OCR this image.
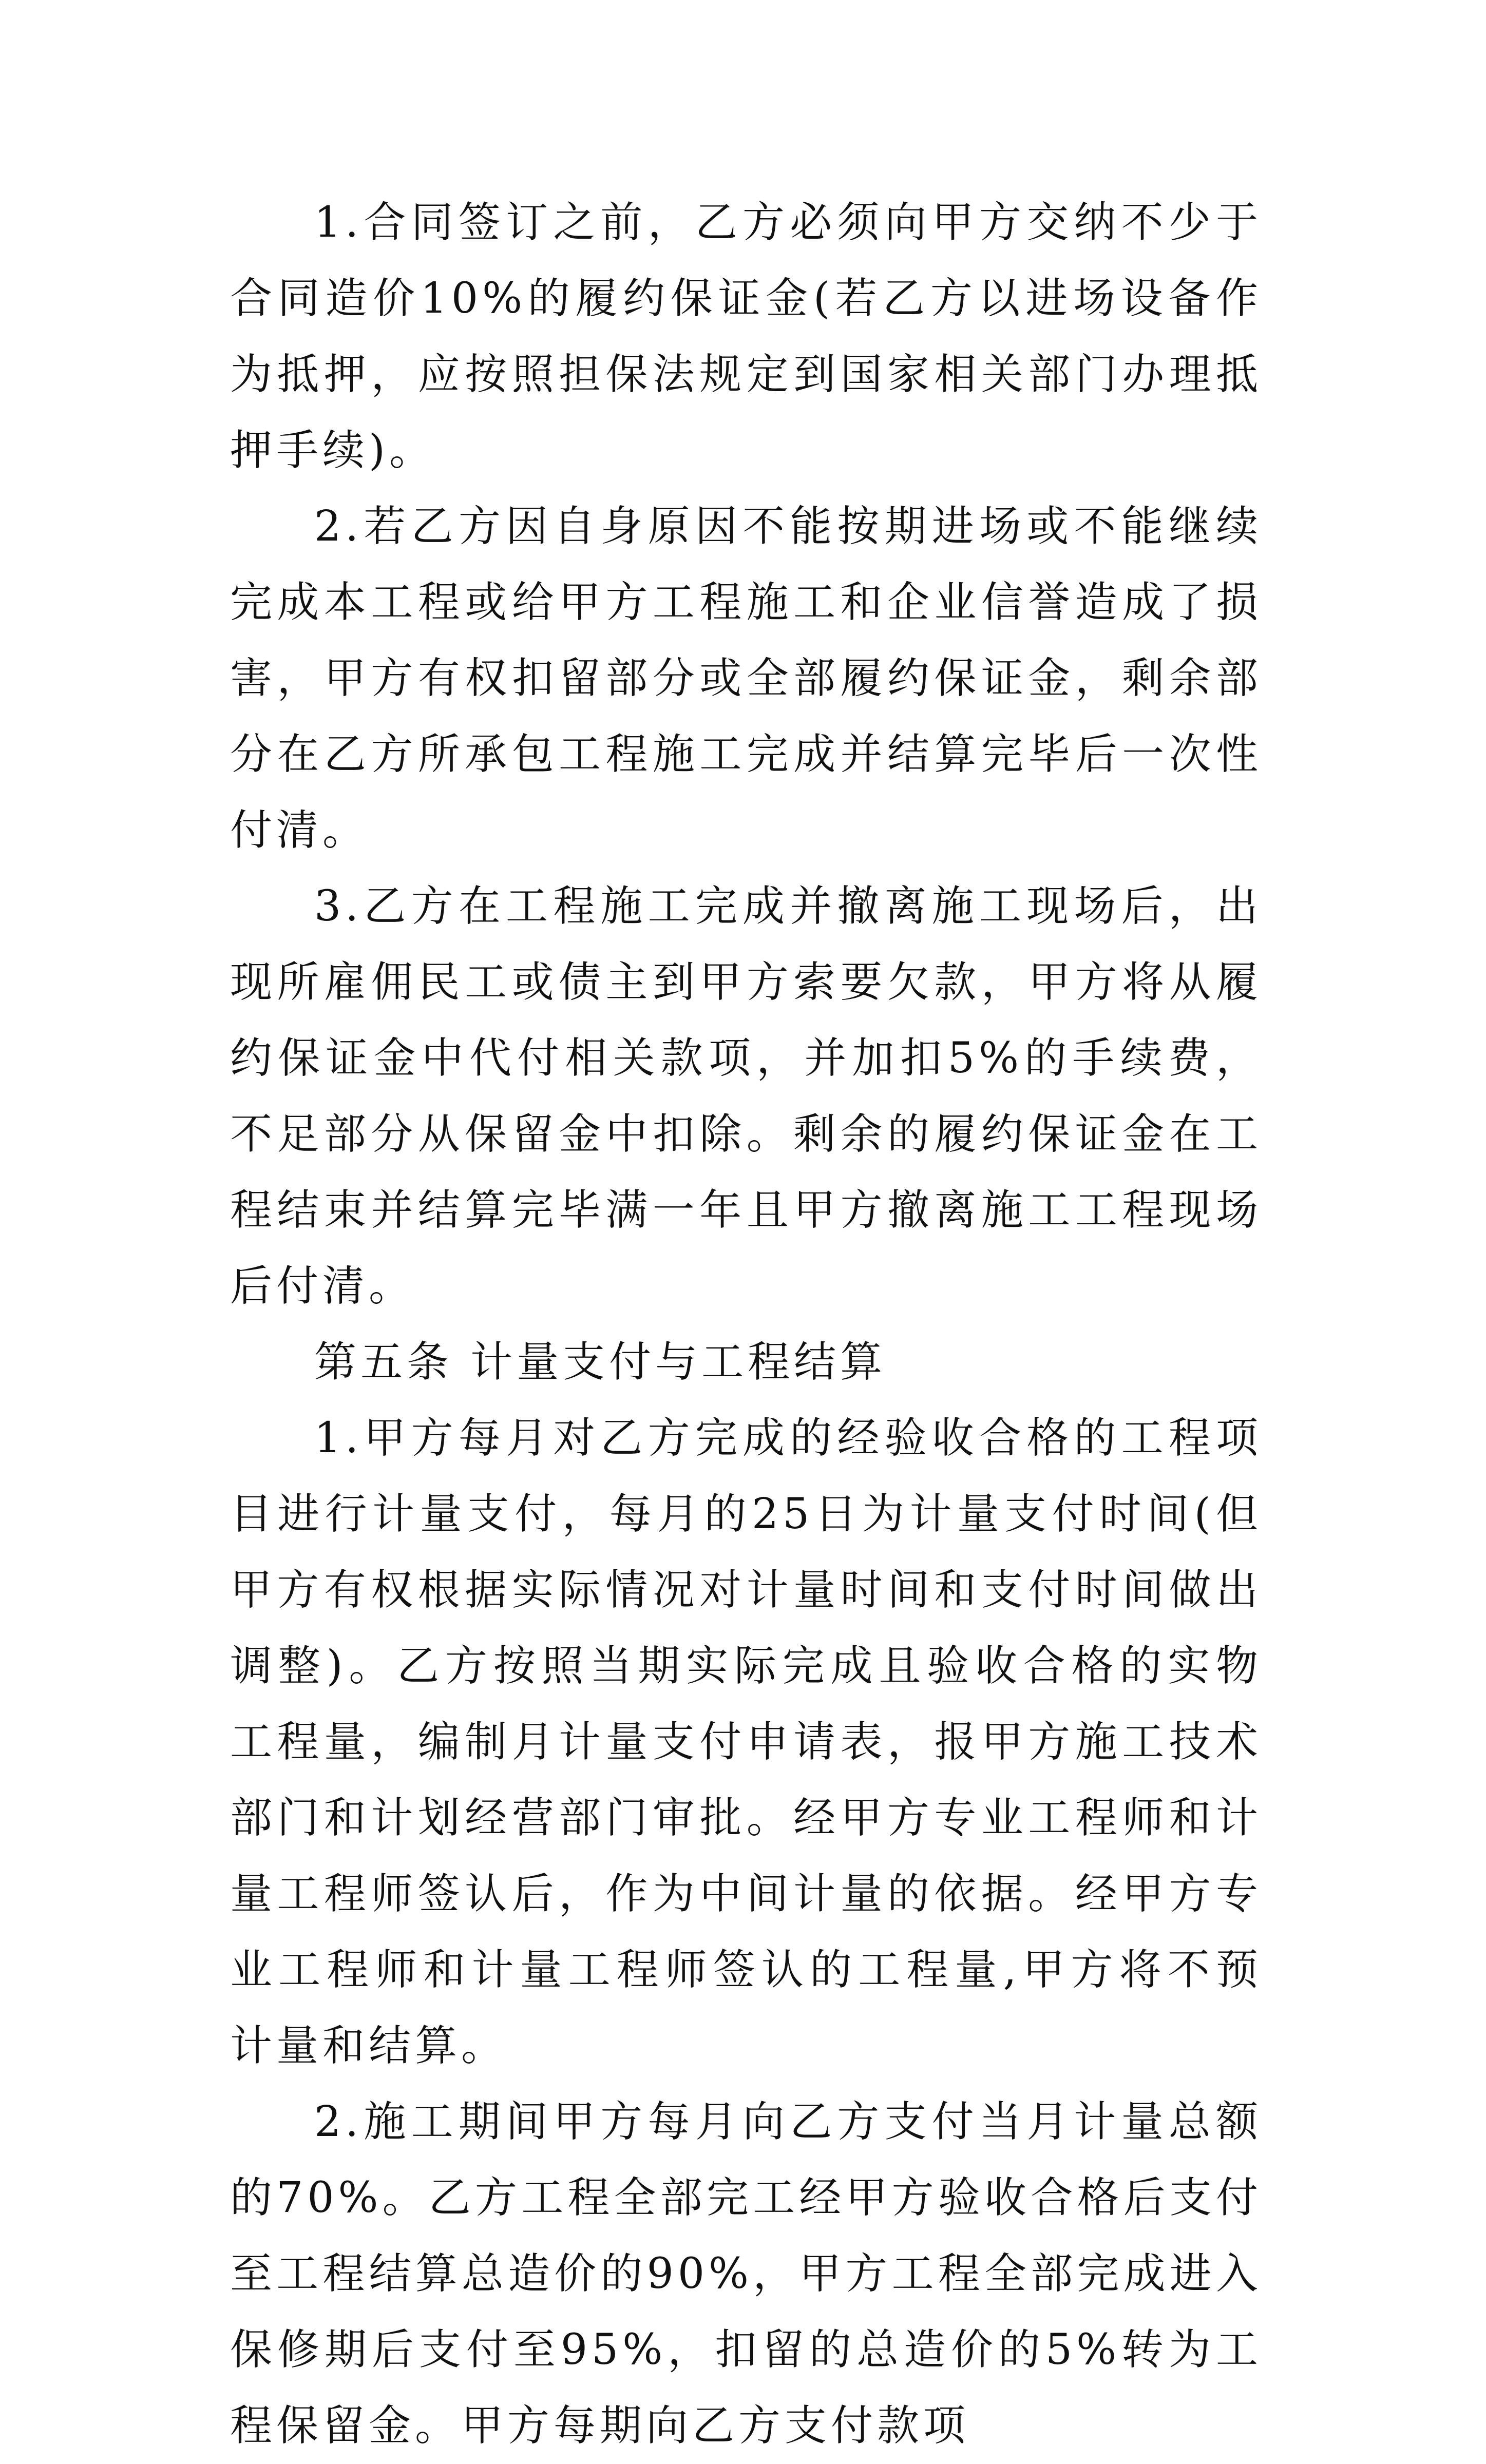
1.合同签订之前，乙方必须向甲方交纳不少于合同造价10%的履约保证金(若乙方以进场设备作为抵押，应按照担保法规定到国家相关部门办理抵押手续)。

2.若乙方因自身原因不能按期进场或不能继续完成本工程或给甲方工程施工和企业信誉造成了损害，甲方有权扣留部分或全部履约保证金，剩余部分在乙方所承包工程施工完成并结算完毕后一次性付清。

3.乙方在工程施工完成并撤离施工现场后，出现所雇佣民工或债主到甲方索要欠款，甲方将从履约保证金中代付相关款项，并加扣5%的手续费，不足部分从保留金中扣除。剩余的履约保证金在工程结束并结算完毕满一年且甲方撤离施工工程现场后付清。

第五条 计量支付与工程结算

1.甲方每月对乙方完成的经验收合格的工程项目进行计量支付，每月的25日为计量支付时间(但甲方有权根据实际情况对计量时间和支付时间做出调整)。乙方按照当期实际完成且验收合格的实物工程量，编制月计量支付申请表，报甲方施工技术部门和计划经营部门审批。经甲方专业工程师和计量工程师签认后，作为中间计量的依据。经甲方专业工程师和计量工程师签认的工程量,甲方将不预计量和结算。

2.施工期间甲方每月向乙方支付当月计量总额的70%。乙方工程全部完工经甲方验收合格后支付至工程结算总造价的90%，甲方工程全部完成进入保修期后支付至95%，扣留的总造价的5%转为工程保留金。甲方每期向乙方支付款项
